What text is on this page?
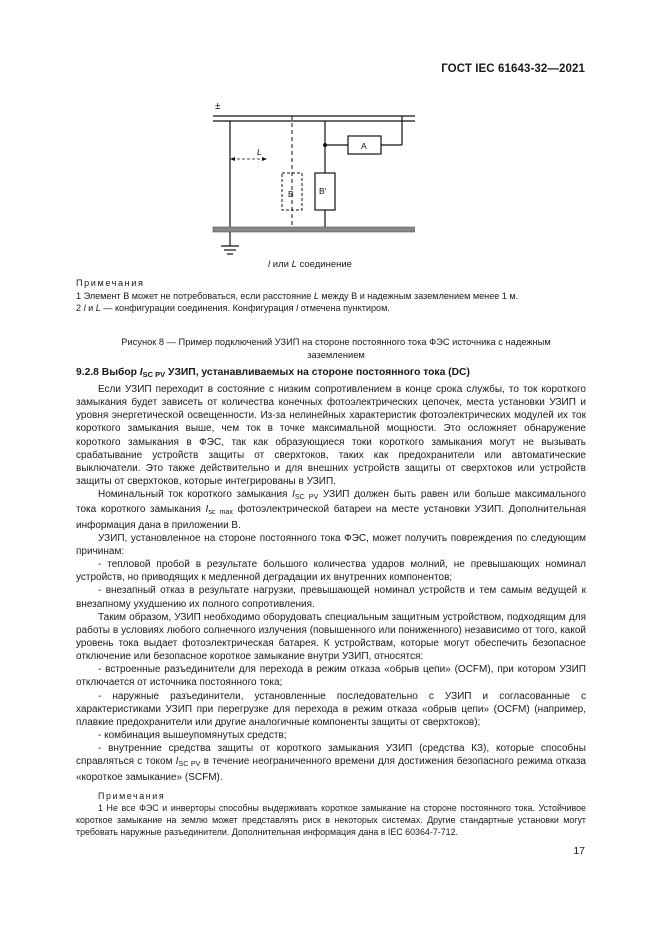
ГОСТ IEC 61643-32—2021
±
L
B	B'
A
l или L соединение
Примечания
1 Элемент B может не потребоваться, если расстояние L между B и надежным заземлением менее 1 м.
2 l и L — конфигурации соединения. Конфигурация l отмечена пунктиром.
Рисунок 8 — Пример подключений УЗИП на стороне постоянного тока ФЭС источника с надежным
заземлением
9.2.8 Выбор $I_{SC PV}$ УЗИП, устанавливаемых на стороне постоянного тока (DC)

Если УЗИП переходит в состояние с низким сопротивлением в конце срока службы, то ток короткого замыкания будет зависеть от количества конечных фотоэлектрических цепочек, места установки УЗИП и уровня энергетической освещенности. Из-за нелинейных характеристик фотоэлектрических модулей их ток короткого замыкания выше, чем ток в точке максимальной мощности. Это осложняет обнаружение короткого замыкания в ФЭС, так как образующиеся токи короткого замыкания могут не вызывать срабатывание устройств защиты от сверхтоков, таких как предохранители или автоматические выключатели. Это также действительно и для внешних устройств защиты от сверхтоков или устройств защиты от сверхтоков, которые интегрированы в УЗИП.

Номинальный ток короткого замыкания $I_{SC PV}$ УЗИП должен быть равен или больше максимального тока короткого замыкания $I_{sc max}$ фотоэлектрической батареи на месте установки УЗИП. Дополнительная информация дана в приложении B.

УЗИП, установленное на стороне постоянного тока ФЭС, может получить повреждения по следующим причинам:

- тепловой пробой в результате большого количества ударов молний, не превышающих номинал устройств, но приводящих к медленной деградации их внутренних компонентов;

- внезапный отказ в результате нагрузки, превышающей номинал устройств и тем самым ведущей к внезапному ухудшению их полного сопротивления.

Таким образом, УЗИП необходимо оборудовать специальным защитным устройством, подходящим для работы в условиях любого солнечного излучения (повышенного или пониженного) независимо от того, какой уровень тока выдает фотоэлектрическая батарея. К устройствам, которые могут обеспечить безопасное отключение или безопасное короткое замыкание внутри УЗИП, относятся:

- встроенные разъединители для перехода в режим отказа «обрыв цепи» (OCFM), при котором УЗИП отключается от источника постоянного тока;

- наружные разъединители, установленные последовательно с УЗИП и согласованные с характеристиками УЗИП при перегрузке для перехода в режим отказа «обрыв цепи» (OCFM) (например, плавкие предохранители или другие аналогичные компоненты защиты от сверхтоков);

- комбинация вышеупомянутых средств;

- внутренние средства защиты от короткого замыкания УЗИП (средства КЗ), которые способны справляться с током $I_{SC PV}$ в течение неограниченного времени для достижения безопасного режима отказа «короткое замыкание» (SCFM).

Примечания

1 Не все ФЭС и инверторы способны выдерживать короткое замыкание на стороне постоянного тока. Устойчивое короткое замыкание на землю может представлять риск в некоторых системах. Другие стандартные установки могут требовать наружные разъединители. Дополнительная информация дана в IEC 60364-7-712.

17
